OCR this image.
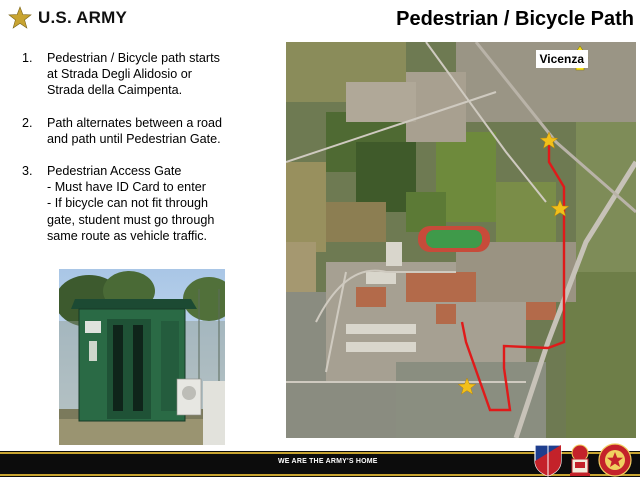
U.S. ARMY	Pedestrian / Bicycle Path
1.	Pedestrian / Bicycle path starts
at Strada Degli Alidosio or
Strada della Caimpenta.
2.	Path alternates between a road
and path until Pedestrian Gate.
3.	Pedestrian Access Gate
- Must have ID Card to enter
- If bicycle can not fit through
gate, student must go through
same route as vehicle traffic.
Vicenza
WE ARE THE ARMY'S HOME
